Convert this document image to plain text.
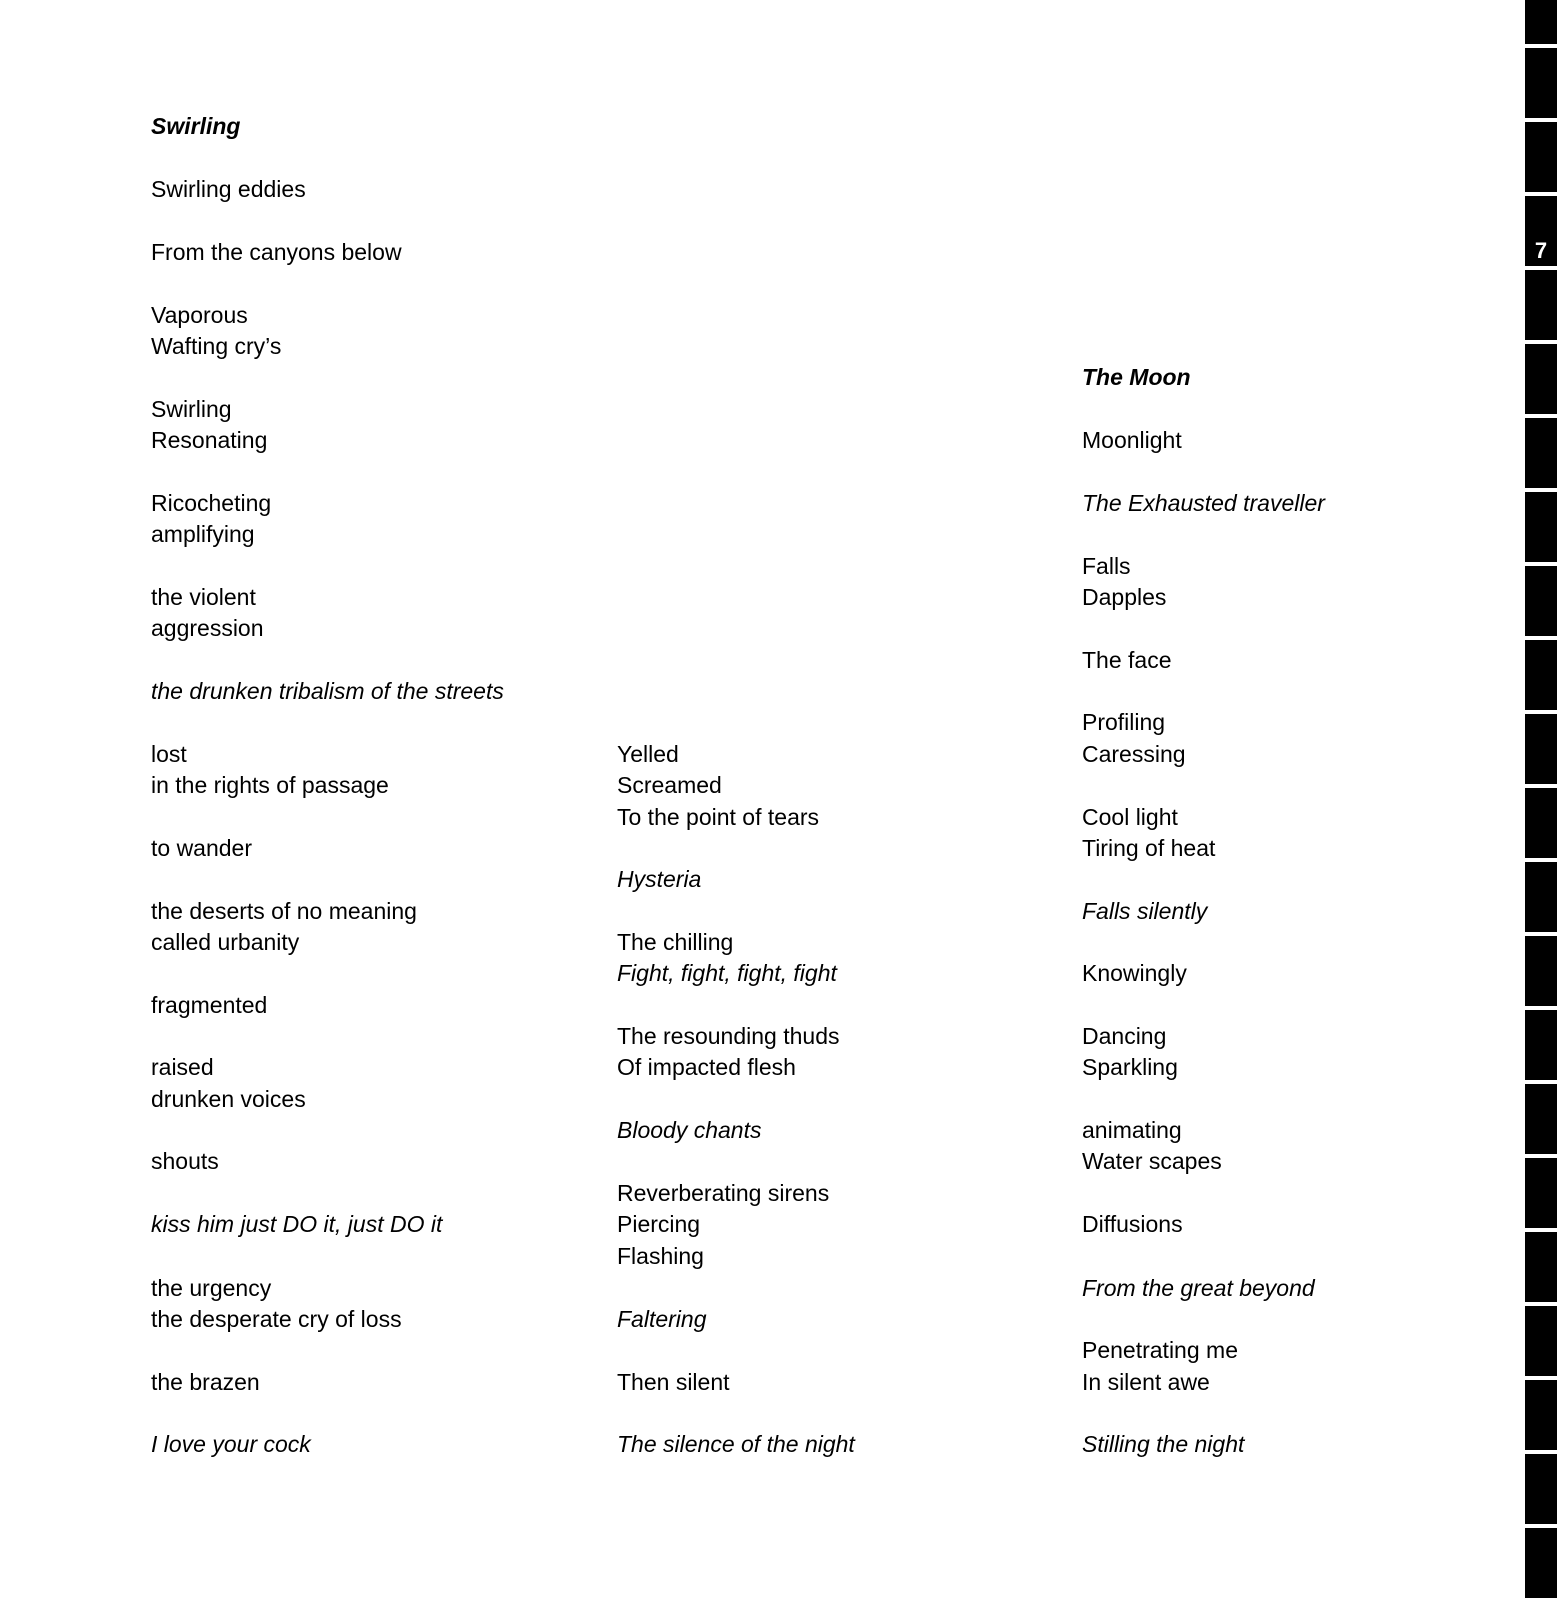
Swirling
Swirling eddies
From the canyons below
Vaporous
Wafting cry’s
Swirling
Resonating
Ricocheting
amplifying
the violent
aggression
the drunken tribalism of the streets
lost
in the rights of passage
to wander
the deserts of no meaning
called urbanity
fragmented
raised
drunken voices
shouts
kiss him just DO it, just DO it
the urgency
the desperate cry of loss
the brazen
I love your cock
Yelled
Screamed
To the point of tears
Hysteria
The chilling
Fight, fight, fight, fight
The resounding thuds
Of impacted flesh
Bloody chants
Reverberating sirens
Piercing
Flashing
Faltering
Then silent
The silence of the night
The Moon
Moonlight
The Exhausted traveller
Falls
Dapples
The face
Profiling
Caressing
Cool light
Tiring of heat
Falls silently
Knowingly
Dancing
Sparkling
animating
Water scapes
Diffusions
From the great beyond
Penetrating me
In silent awe
Stilling the night
7
